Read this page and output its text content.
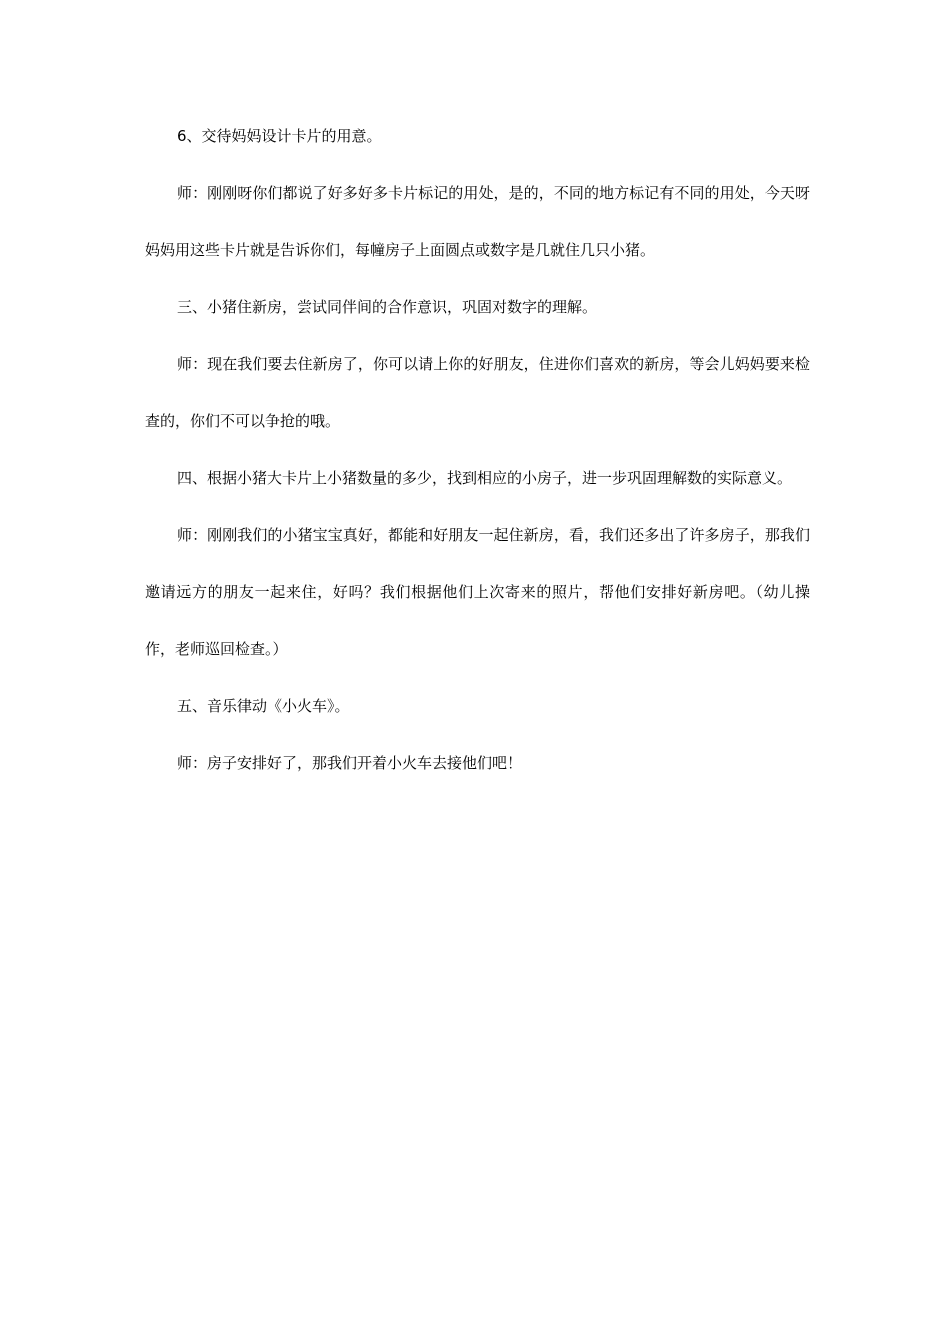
6、交待妈妈设计卡片的用意。

师：刚刚呀你们都说了好多好多卡片标记的用处，是的，不同的地方标记有不同的用处，今天呀妈妈用这些卡片就是告诉你们，每幢房子上面圆点或数字是几就住几只小猪。

三、小猪住新房，尝试同伴间的合作意识，巩固对数字的理解。

师：现在我们要去住新房了，你可以请上你的好朋友，住进你们喜欢的新房，等会儿妈妈要来检查的，你们不可以争抢的哦。

四、根据小猪大卡片上小猪数量的多少，找到相应的小房子，进一步巩固理解数的实际意义。

师：刚刚我们的小猪宝宝真好，都能和好朋友一起住新房，看，我们还多出了许多房子，那我们邀请远方的朋友一起来住，好吗？我们根据他们上次寄来的照片，帮他们安排好新房吧。（幼儿操作，老师巡回检查。）

五、音乐律动《小火车》。

师：房子安排好了，那我们开着小火车去接他们吧！
